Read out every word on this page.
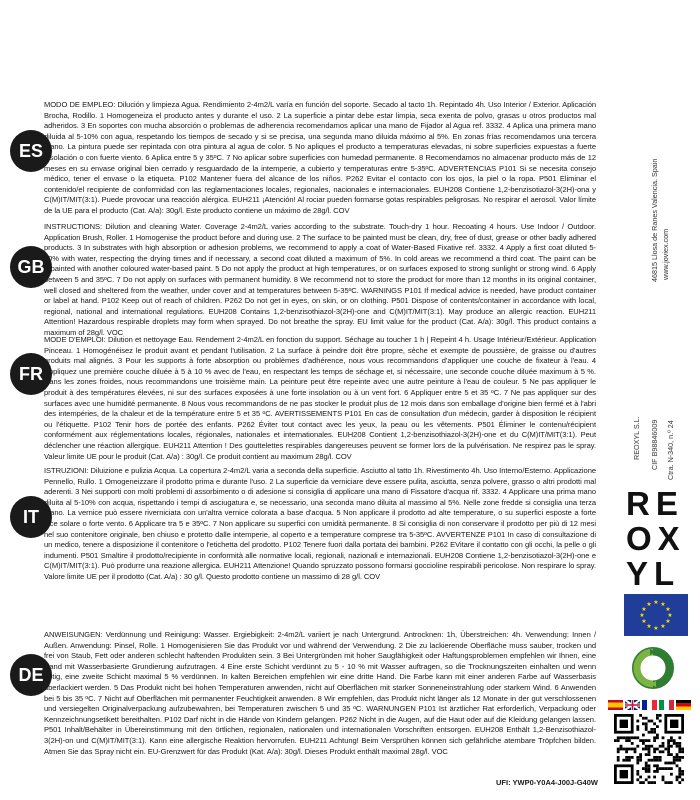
ES
MODO DE EMPLEO: Dilución y limpieza Agua. Rendimiento 2-4m2/L varía en función del soporte. Secado al tacto 1h. Repintado 4h. Uso Interior / Exterior. Aplicación Brocha, Rodillo. 1 Homogeneiza el producto antes y durante el uso. 2 La superficie a pintar debe estar limpia, seca exenta de polvo, grasas u otros productos mal adheridos. 3 En soportes con mucha absorción o problemas de adherencia recomendamos aplicar una mano de Fijador al Agua ref. 3332. 4 Aplica una primera mano diluida al 5-10% con agua, respetando los tiempos de secado y si se precisa, una segunda mano diluida máximo al 5%. En zonas frías recomendamos una tercera mano. La pintura puede ser repintada con otra pintura al agua de color. 5 No apliques el producto a temperaturas elevadas, ni sobre superficies expuestas a fuerte insolación o con fuerte viento. 6 Aplica entre 5 y 35ºC. 7 No aplicar sobre superficies con humedad permanente. 8 Recomendamos no almacenar producto más de 12 meses en su envase original bien cerrado y resguardado de la intemperie, a cubierto y temperaturas entre 5-35ºC. ADVERTENCIAS P101 Si se necesita consejo médico, tener el envase o la etiqueta. P102 Mantener fuera del alcance de los niños. P262 Evitar el contacto con los ojos, la piel o la ropa. P501 Eliminar el contenido/el recipiente de conformidad con las reglamentaciones locales, regionales, nacionales e internacionales. EUH208 Contiene 1,2-benzisotiazol-3(2H)-ona y C(M)IT/MIT(3:1). Puede provocar una reacción alérgica. EUH211 ¡Atención! Al rociar pueden formarse gotas respirables peligrosas. No respirar el aerosol. Valor límite de la UE para el producto (Cat. A/a): 30g/l. Este producto contiene un máximo de 28g/l. COV
GB
INSTRUCTIONS: Dilution and cleaning Water. Coverage 2-4m2/L varies according to the substrate. Touch-dry 1 hour. Recoating 4 hours. Use Indoor / Outdoor. Application Brush, Roller. 1 Homogenise the product before and during use. 2 The surface to be painted must be clean, dry, free of dust, grease or other badly adhered products. 3 In substrates with high absorption or adhesion problems, we recommend to apply a coat of Water-Based Fixative ref. 3332. 4 Apply a first coat diluted 5-10% with water, respecting the drying times and if necessary, a second coat diluted a maximum of 5%. In cold areas we recommend a third coat. The paint can be repainted with another coloured water-based paint. 5 Do not apply the product at high temperatures, or on surfaces exposed to strong sunlight or strong wind. 6 Apply between 5 and 35ºC. 7 Do not apply on surfaces with permanent humidity. 8 We recommend not to store the product for more than 12 months in its original container, well closed and sheltered from the weather, under cover and at temperatures between 5-35ºC. WARNINGS P101 If medical advice is needed, have product container or label at hand. P102 Keep out of reach of children. P262 Do not get in eyes, on skin, or on clothing. P501 Dispose of contents/container in accordance with local, regional, national and international regulations. EUH208 Contains 1,2-benzisothiazol-3(2H)-one and C(M)IT/MIT(3:1). May produce an allergic reaction. EUH211 Attention! Hazardous respirable droplets may form when sprayed. Do not breathe the spray. EU limit value for the product (Cat. A/a): 30g/l. This product contains a maximum of 28g/l. VOC
FR
MODE D'EMPLOI: Dilution et nettoyage Eau. Rendement 2-4m2/L en fonction du support. Séchage au toucher 1 h | Repeint 4 h. Usage Intérieur/Extérieur. Application Pinceau. 1 Homogénéisez le produit avant et pendant l'utilisation. 2 La surface à peindre doit être propre, sèche et exempte de poussière, de graisse ou d'autres produits mal alignés. 3 Pour les supports à forte absorption ou problèmes d'adhérence, nous vous recommandons d'appliquer une couche de fixateur à l'eau. 4 Appliquez une première couche diluée à 5 à 10 % avec de l'eau, en respectant les temps de séchage et, si nécessaire, une seconde couche diluée maximum à 5 %. Dans les zones froides, nous recommandons une troisième main. La peinture peut être repeinte avec une autre peinture à l'eau de couleur. 5 Ne pas appliquer le produit à des températures élevées, ni sur des surfaces exposées à une forte insolation ou à un vent fort. 6 Appliquer entre 5 et 35 ºC. 7 Ne pas appliquer sur des surfaces avec une humidité permanente. 8 Nous vous recommandons de ne pas stocker le produit plus de 12 mois dans son emballage d'origine bien fermé et à l'abri des intempéries, de la chaleur et de la température entre 5 et 35 ºC. AVERTISSEMENTS P101 En cas de consultation d'un médecin, garder à disposition le récipient ou l'étiquette. P102 Tenir hors de portée des enfants. P262 Éviter tout contact avec les yeux, la peau ou les vêtements. P501 Éliminer le contenu/récipient conformément aux réglementations locales, régionales, nationales et internationales. EUH208 Contient 1,2-benzisothiazol-3(2H)-one et du C(M)IT/MIT(3:1). Peut déclencher une réaction allergique. EUH211 Attention ! Des gouttelettes respirables dangereuses peuvent se former lors de la pulvérisation. Ne respirez pas le spray. Valeur limite UE pour le produit (Cat. A/a) : 30g/l. Ce produit contient au maximum 28g/l. COV
IT
ISTRUZIONI: Diluizione e pulizia Acqua. La copertura 2-4m2/L varia a seconda della superficie. Asciutto al tatto 1h. Rivestimento 4h. Uso Interno/Esterno. Applicazione Pennello, Rullo. 1 Omogeneizzare il prodotto prima e durante l'uso. 2 La superficie da verniciare deve essere pulita, asciutta, senza polvere, grasso o altri prodotti mal aderenti. 3 Nei supporti con molti problemi di assorbimento o di adesione si consiglia di applicare una mano di Fissatore d'acqua rif. 3332. 4 Applicare una prima mano diluita al 5-10% con acqua, rispettando i tempi di asciugatura e, se necessario, una seconda mano diluita al massimo al 5%. Nelle zone fredde si consiglia una terza mano. La vernice può essere riverniciata con un'altra vernice colorata a base d'acqua. 5 Non applicare il prodotto ad alte temperature, o su superfici esposte a forte luce solare o forte vento. 6 Applicare tra 5 e 35ºC. 7 Non applicare su superfici con umidità permanente. 8 Si consiglia di non conservare il prodotto per più di 12 mesi nel suo contenitore originale, ben chiuso e protetto dalle intemperie, al coperto e a temperature comprese tra 5-35ºC. AVVERTENZE P101 In caso di consultazione di un medico, tenere a disposizione il contenitore o l'etichetta del prodotto. P102 Tenere fuori dalla portata dei bambini. P262 EVitare il contatto con gli occhi, la pelle o gli indumenti. P501 Smaltire il prodotto/recipiente in conformità alle normative locali, regionali, nazionali e internazionali. EUH208 Contiene 1,2-benzisotiazol-3(2H)-one e C(M)IT/MIT(3:1). Può produrre una reazione allergica. EUH211 Attenzione! Quando spruzzato possono formarsi goccioline respirabili pericolose. Non respirare lo spray. Valore limite UE per il prodotto (Cat. A/a) : 30 g/l. Questo prodotto contiene un massimo di 28 g/l. COV
DE
ANWEISUNGEN: Verdünnung und Reinigung: Wasser. Ergiebigkeit: 2-4m2/L variiert je nach Untergrund. Antrocknen: 1h, Überstreichen: 4h. Verwendung: Innen / Außen. Anwendung: Pinsel, Rolle. 1 Homogenisieren Sie das Produkt vor und während der Verwendung. 2 Die zu lackierende Oberfläche muss sauber, trocken und frei von Staub, Fett oder anderen schlecht haftenden Produkten sein. 3 Bei Untergründen mit hoher Saugfähigkeit oder Haftungsproblemen empfehlen wir Ihnen, eine Hand mit Wasserbasierte Grundierung aufzutragen. 4 Eine erste Schicht verdünnt zu 5 - 10 % mit Wasser auftragen, so die Trocknungszeiten einhalten und wenn nötig, eine zweite Schicht maximal 5 % verdünnen. In kalten Bereichen empfehlen wir eine dritte Hand. Die Farbe kann mit einer anderen Farbe auf Wasserbasis überlackiert werden. 5 Das Produkt nicht bei hohen Temperaturen anwenden, nicht auf Oberflächen mit starker Sonneneinstrahlung oder starkem Wind. 6 Anwenden bei 5 bis 35 ºC. 7 Nicht auf Oberflächen mit permanenter Feuchtigkeit anwenden. 8 Wir empfehlen, das Produkt nicht länger als 12 Monate in der gut verschlossenen und versiegelten Originalverpackung aufzubewahren, bei Temperaturen zwischen 5 und 35 ºC. WARNUNGEN P101 Ist ärztlicher Rat erforderlich, Verpackung oder Kennzeichnungsetikett bereithalten. P102 Darf nicht in die Hände von Kindern gelangen. P262 Nicht in die Augen, auf die Haut oder auf die Kleidung gelangen lassen. P501 Inhalt/Behälter in Übereinstimmung mit den örtlichen, regionalen, nationalen und internationalen Vorschriften entsorgen. EUH208 Enthält 1,2-Benzisothiazol-3(2H)-on und C(M)IT/MIT(3:1). Kann eine allergische Reaktion hervorrufen. EUH211 Achtung! Beim Versprühen können sich gefährliche atembare Tröpfchen bilden. Atmen Sie das Spray nicht ein. EU-Grenzwert für das Produkt (Kat. A/a): 30g/l. Dieses Produkt enthält maximal 28g/l. VOC
UFI: YWP0-Y0A4-J00J-G40W
46815 Llosa de Ranes Valencia. Spain www.joviex.com
REOXYL S.L. CIF B98846009 Ctra. N-340, n.º 24
RE
OX
YL
★ ★
★
★
★
★
★
★
★
★
★
★
